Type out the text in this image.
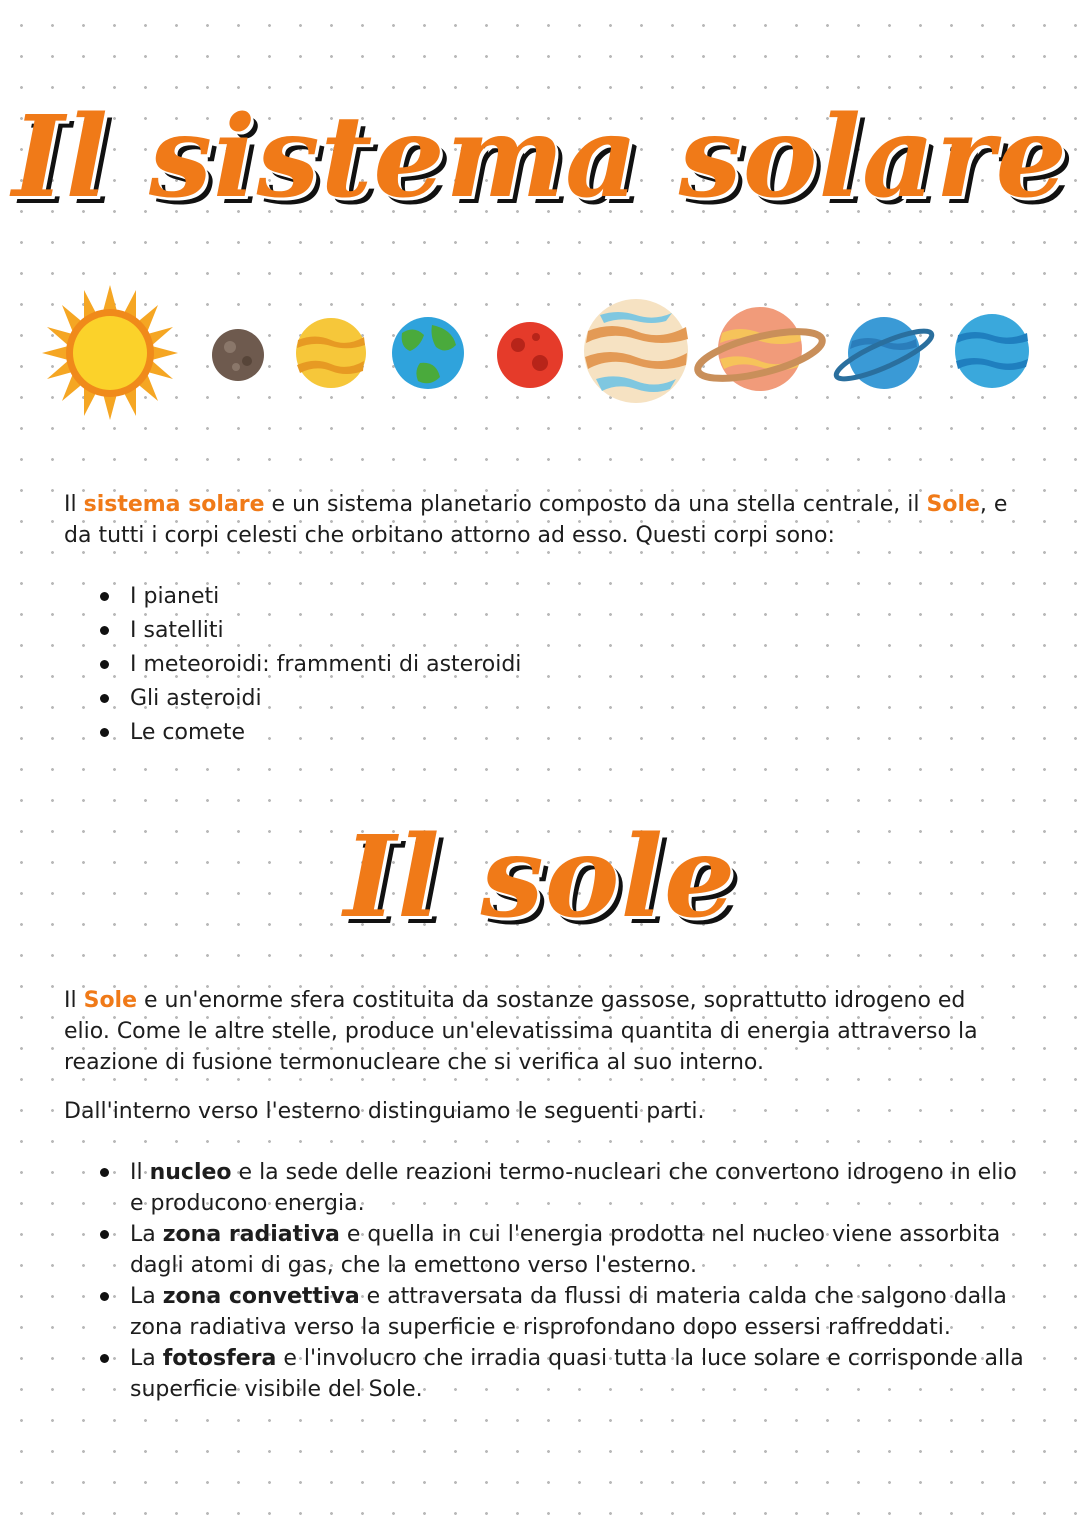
Il sistema solare

Il sistema solare e un sistema planetario composto da una stella centrale, il Sole, e da tutti i corpi celesti che orbitano attorno ad esso. Questi corpi sono:

I pianeti
I satelliti
I meteoroidi: frammenti di asteroidi
Gli asteroidi
Le comete
Il sole

Il Sole e un'enorme sfera costituita da sostanze gassose, soprattutto idrogeno ed elio. Come le altre stelle, produce un'elevatissima quantita di energia attraverso la reazione di fusione termonucleare che si verifica al suo interno.

Dall'interno verso l'esterno distinguiamo le seguenti parti.

Il nucleo e la sede delle reazioni termo-nucleari che convertono idrogeno in elio e producono energia.
La zona radiativa e quella in cui l'energia prodotta nel nucleo viene assorbita dagli atomi di gas, che la emettono verso l'esterno.
La zona convettiva e attraversata da flussi di materia calda che salgono dalla zona radiativa verso la superficie e risprofondano dopo essersi raffreddati.
La fotosfera e l'involucro che irradia quasi tutta la luce solare e corrisponde alla superficie visibile del Sole.
